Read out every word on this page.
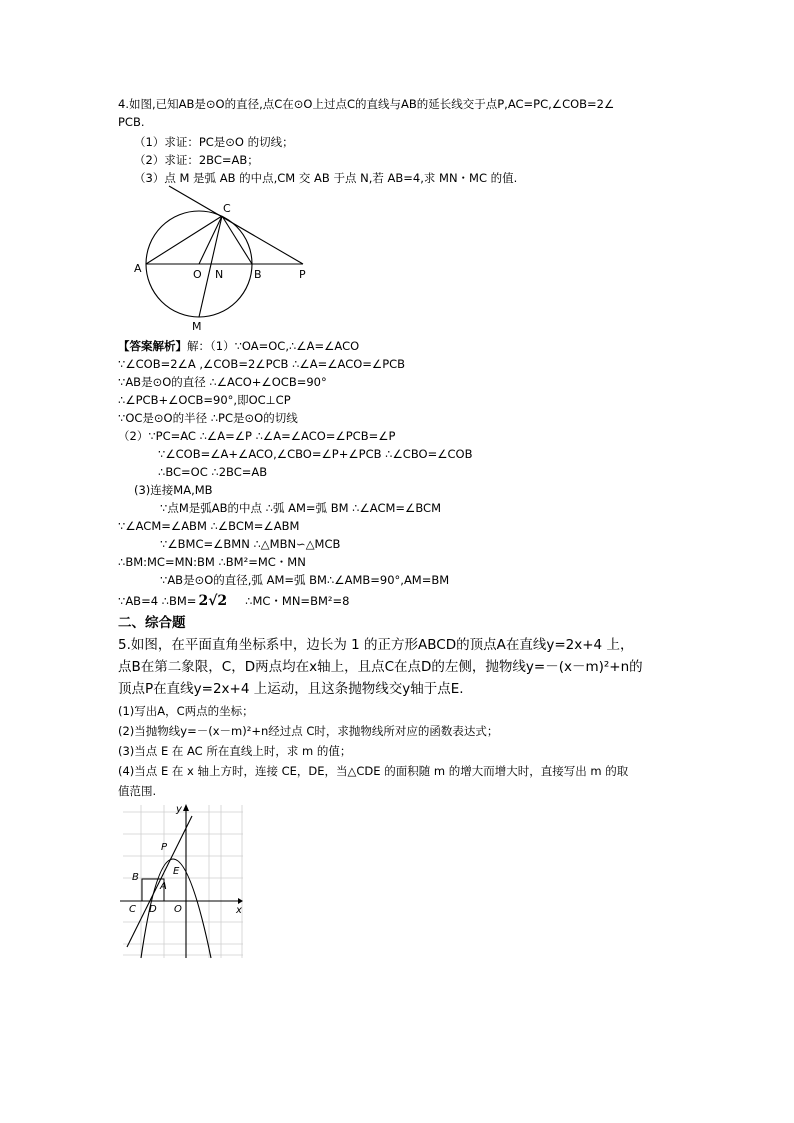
4.如图,已知AB是⊙O的直径,点C在⊙O上过点C的直线与AB的延长线交于点P,AC=PC,∠COB=2∠
PCB.
（1）求证：PC是⊙O 的切线；
（2）求证：2BC=AB；
（3）点 M 是弧 AB 的中点,CM 交 AB 于点 N,若 AB=4,求 MN・MC 的值.
A	O N	B	P
C
M
【答案解析】解：（1）∵OA=OC,∴∠A=∠ACO
∵∠COB=2∠A ,∠COB=2∠PCB ∴∠A=∠ACO=∠PCB
∵AB是⊙O的直径 ∴∠ACO+∠OCB=90°
∴∠PCB+∠OCB=90°,即OC⊥CP
∵OC是⊙O的半径 ∴PC是⊙O的切线
（2）∵PC=AC ∴∠A=∠P ∴∠A=∠ACO=∠PCB=∠P
∵∠COB=∠A+∠ACO,∠CBO=∠P+∠PCB ∴∠CBO=∠COB
∴BC=OC ∴2BC=AB
(3)连接MA,MB
∵点M是弧AB的中点 ∴弧 AM=弧 BM ∴∠ACM=∠BCM
∵∠ACM=∠ABM ∴∠BCM=∠ABM
∵∠BMC=∠BMN ∴△MBN∽△MCB
∴BM:MC=MN:BM ∴BM²=MC・MN
∵AB是⊙O的直径,弧 AM=弧 BM∴∠AMB=90°,AM=BM
∵AB=4 ∴BM= 2√2 ∴MC・MN=BM²=8
二、综合题
5.如图，在平面直角坐标系中，边长为 1 的正方形ABCD的顶点A在直线y=2x+4 上，
点B在第二象限，C，D两点均在x轴上，且点C在点D的左侧，抛物线y=－(x－m)²+n的
顶点P在直线y=2x+4 上运动，且这条抛物线交y轴于点E.
(1)写出A，C两点的坐标；
(2)当抛物线y=－(x－m)²+n经过点 C时，求抛物线所对应的函数表达式；
(3)当点 E 在 AC 所在直线上时，求 m 的值；
(4)当点 E 在 x 轴上方时，连接 CE，DE，当△CDE 的面积随 m 的增大而增大时，直接写出 m 的取
值范围.
y
x
P
E
B
A
C D O
